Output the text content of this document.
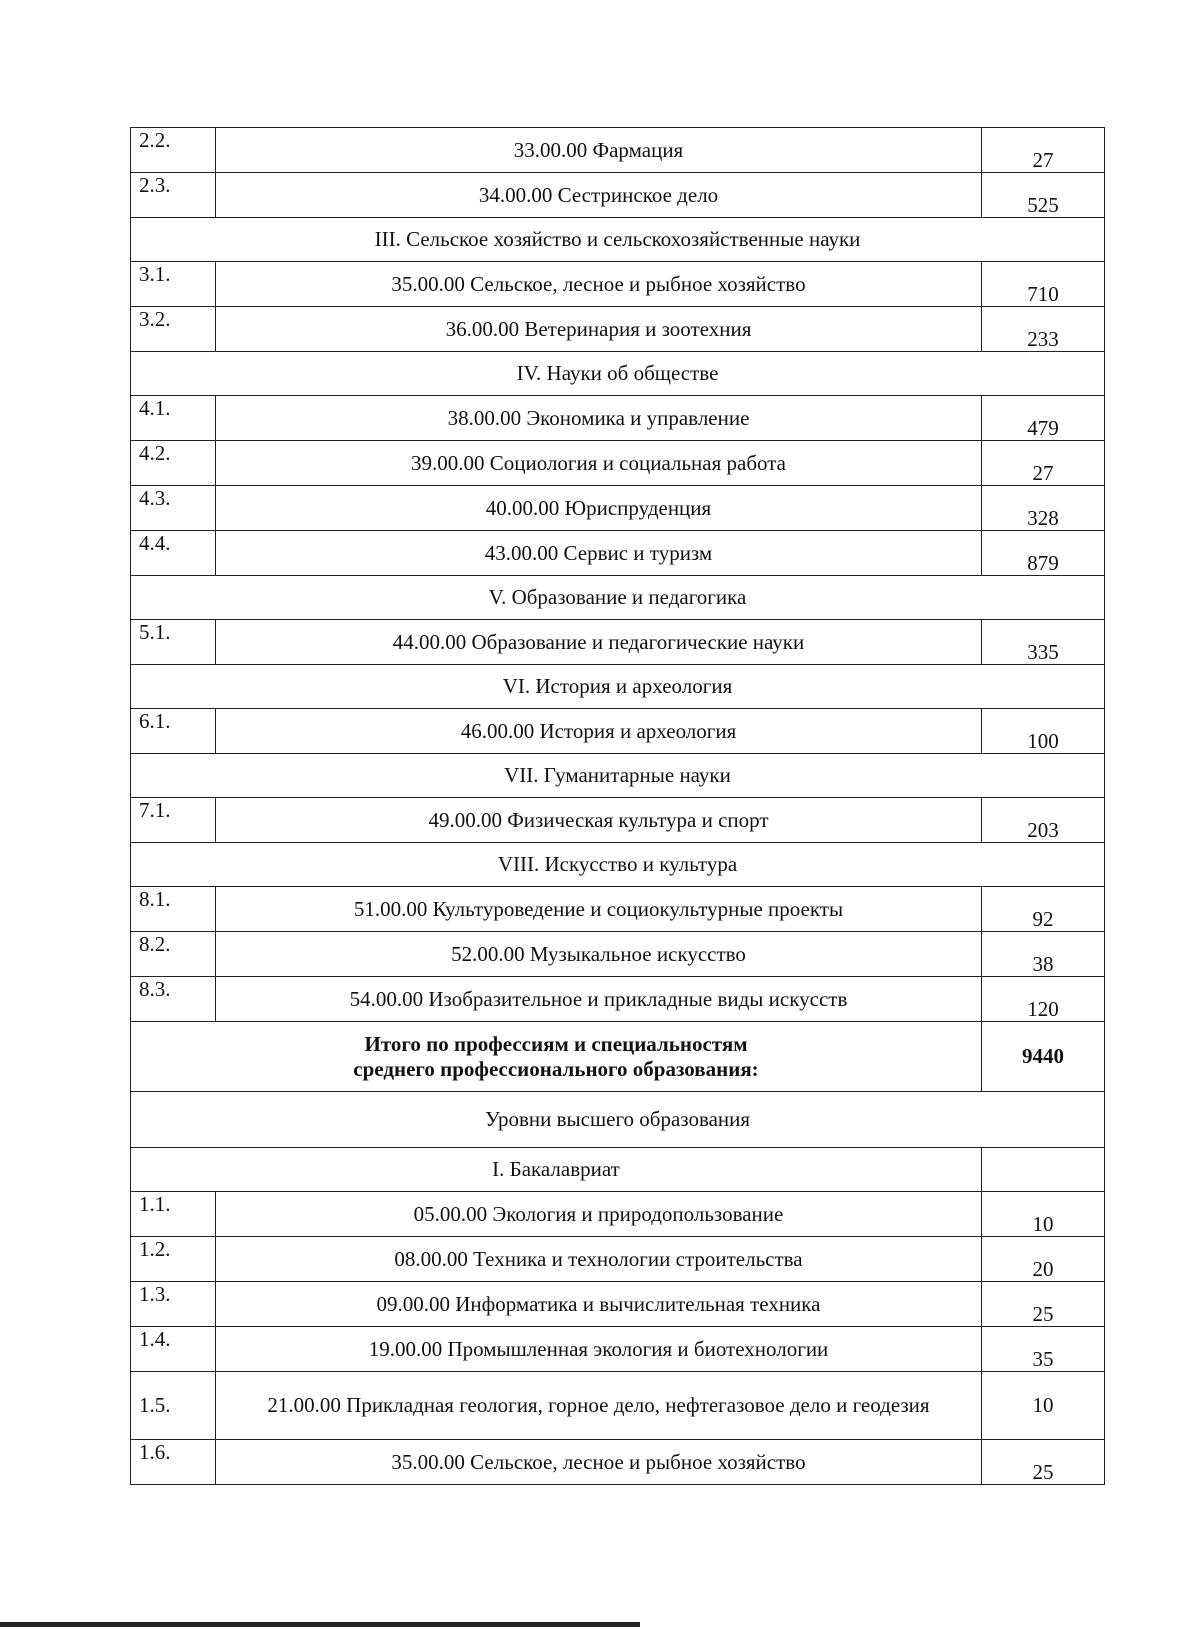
2.2.	33.00.00 Фармация	27
2.3.	34.00.00 Сестринское дело	525
III. Сельское хозяйство и сельскохозяйственные науки		
3.1.	35.00.00 Сельское, лесное и рыбное хозяйство	710
3.2.	36.00.00 Ветеринария и зоотехния	233
IV. Науки об обществе		
4.1.	38.00.00 Экономика и управление	479
4.2.	39.00.00 Социология и социальная работа	27
4.3.	40.00.00 Юриспруденция	328
4.4.	43.00.00 Сервис и туризм	879
V. Образование и педагогика		
5.1.	44.00.00 Образование и педагогические науки	335
VI. История и археология		
6.1.	46.00.00 История и археология	100
VII. Гуманитарные науки		
7.1.	49.00.00 Физическая культура и спорт	203
VIII. Искусство и культура		
8.1.	51.00.00 Культуроведение и социокультурные проекты	92
8.2.	52.00.00 Музыкальное искусство	38
8.3.	54.00.00 Изобразительное и прикладные виды искусств	120

Итого по профессиям и специальностям
среднего профессионального образования:		9440
Уровни высшего образования		
I. Бакалавриат		
1.1.	05.00.00 Экология и природопользование	10
1.2.	08.00.00 Техника и технологии строительства	20
1.3.	09.00.00 Информатика и вычислительная техника	25
1.4.	19.00.00 Промышленная экология и биотехнологии	35
1.5.	21.00.00 Прикладная геология, горное дело, нефтегазовое дело и геодезия	10
1.6.	35.00.00 Сельское, лесное и рыбное хозяйство	25
